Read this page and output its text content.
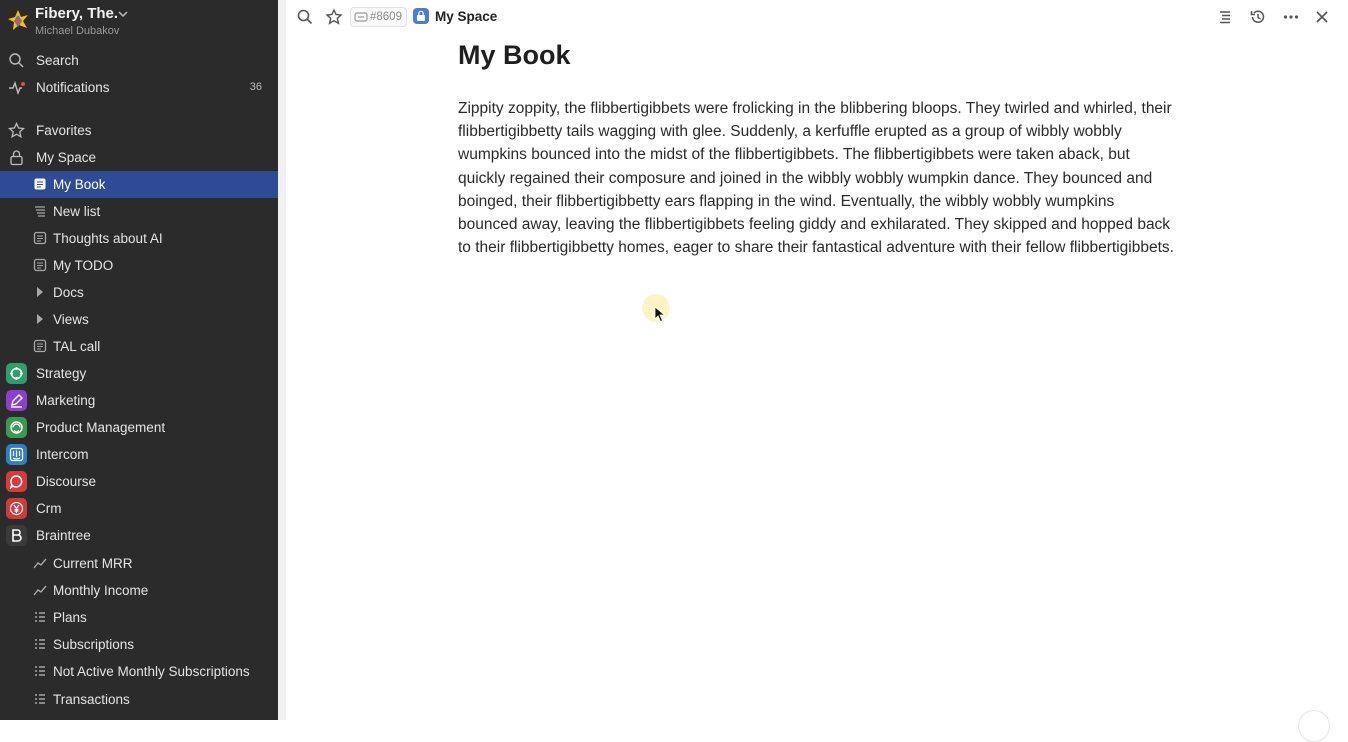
Fibery, The.
Michael Dubakov
Search
Notifications	36
Favorites
My Space
My Book
New list
Thoughts about AI
My TODO
Docs
Views
TAL call
Strategy
Marketing
Product Management
Intercom
Discourse
Crm
Braintree
Current MRR
Monthly Income
Plans
Subscriptions
Not Active Monthly Subscriptions
Transactions
#8609 My Space
My Book

Zippity zoppity, the flibbertigibbets were frolicking in the blibbering bloops. They twirled and whirled, their flibbertigibbetty tails wagging with glee. Suddenly, a kerfuffle erupted as a group of wibbly wobbly wumpkins bounced into the midst of the flibbertigibbets. The flibbertigibbets were taken aback, but quickly regained their composure and joined in the wibbly wobbly wumpkin dance. They bounced and boinged, their flibbertigibbetty ears flapping in the wind. Eventually, the wibbly wobbly wumpkins bounced away, leaving the flibbertigibbets feeling giddy and exhilarated. They skipped and hopped back to their flibbertigibbetty homes, eager to share their fantastical adventure with their fellow flibbertigibbets.
